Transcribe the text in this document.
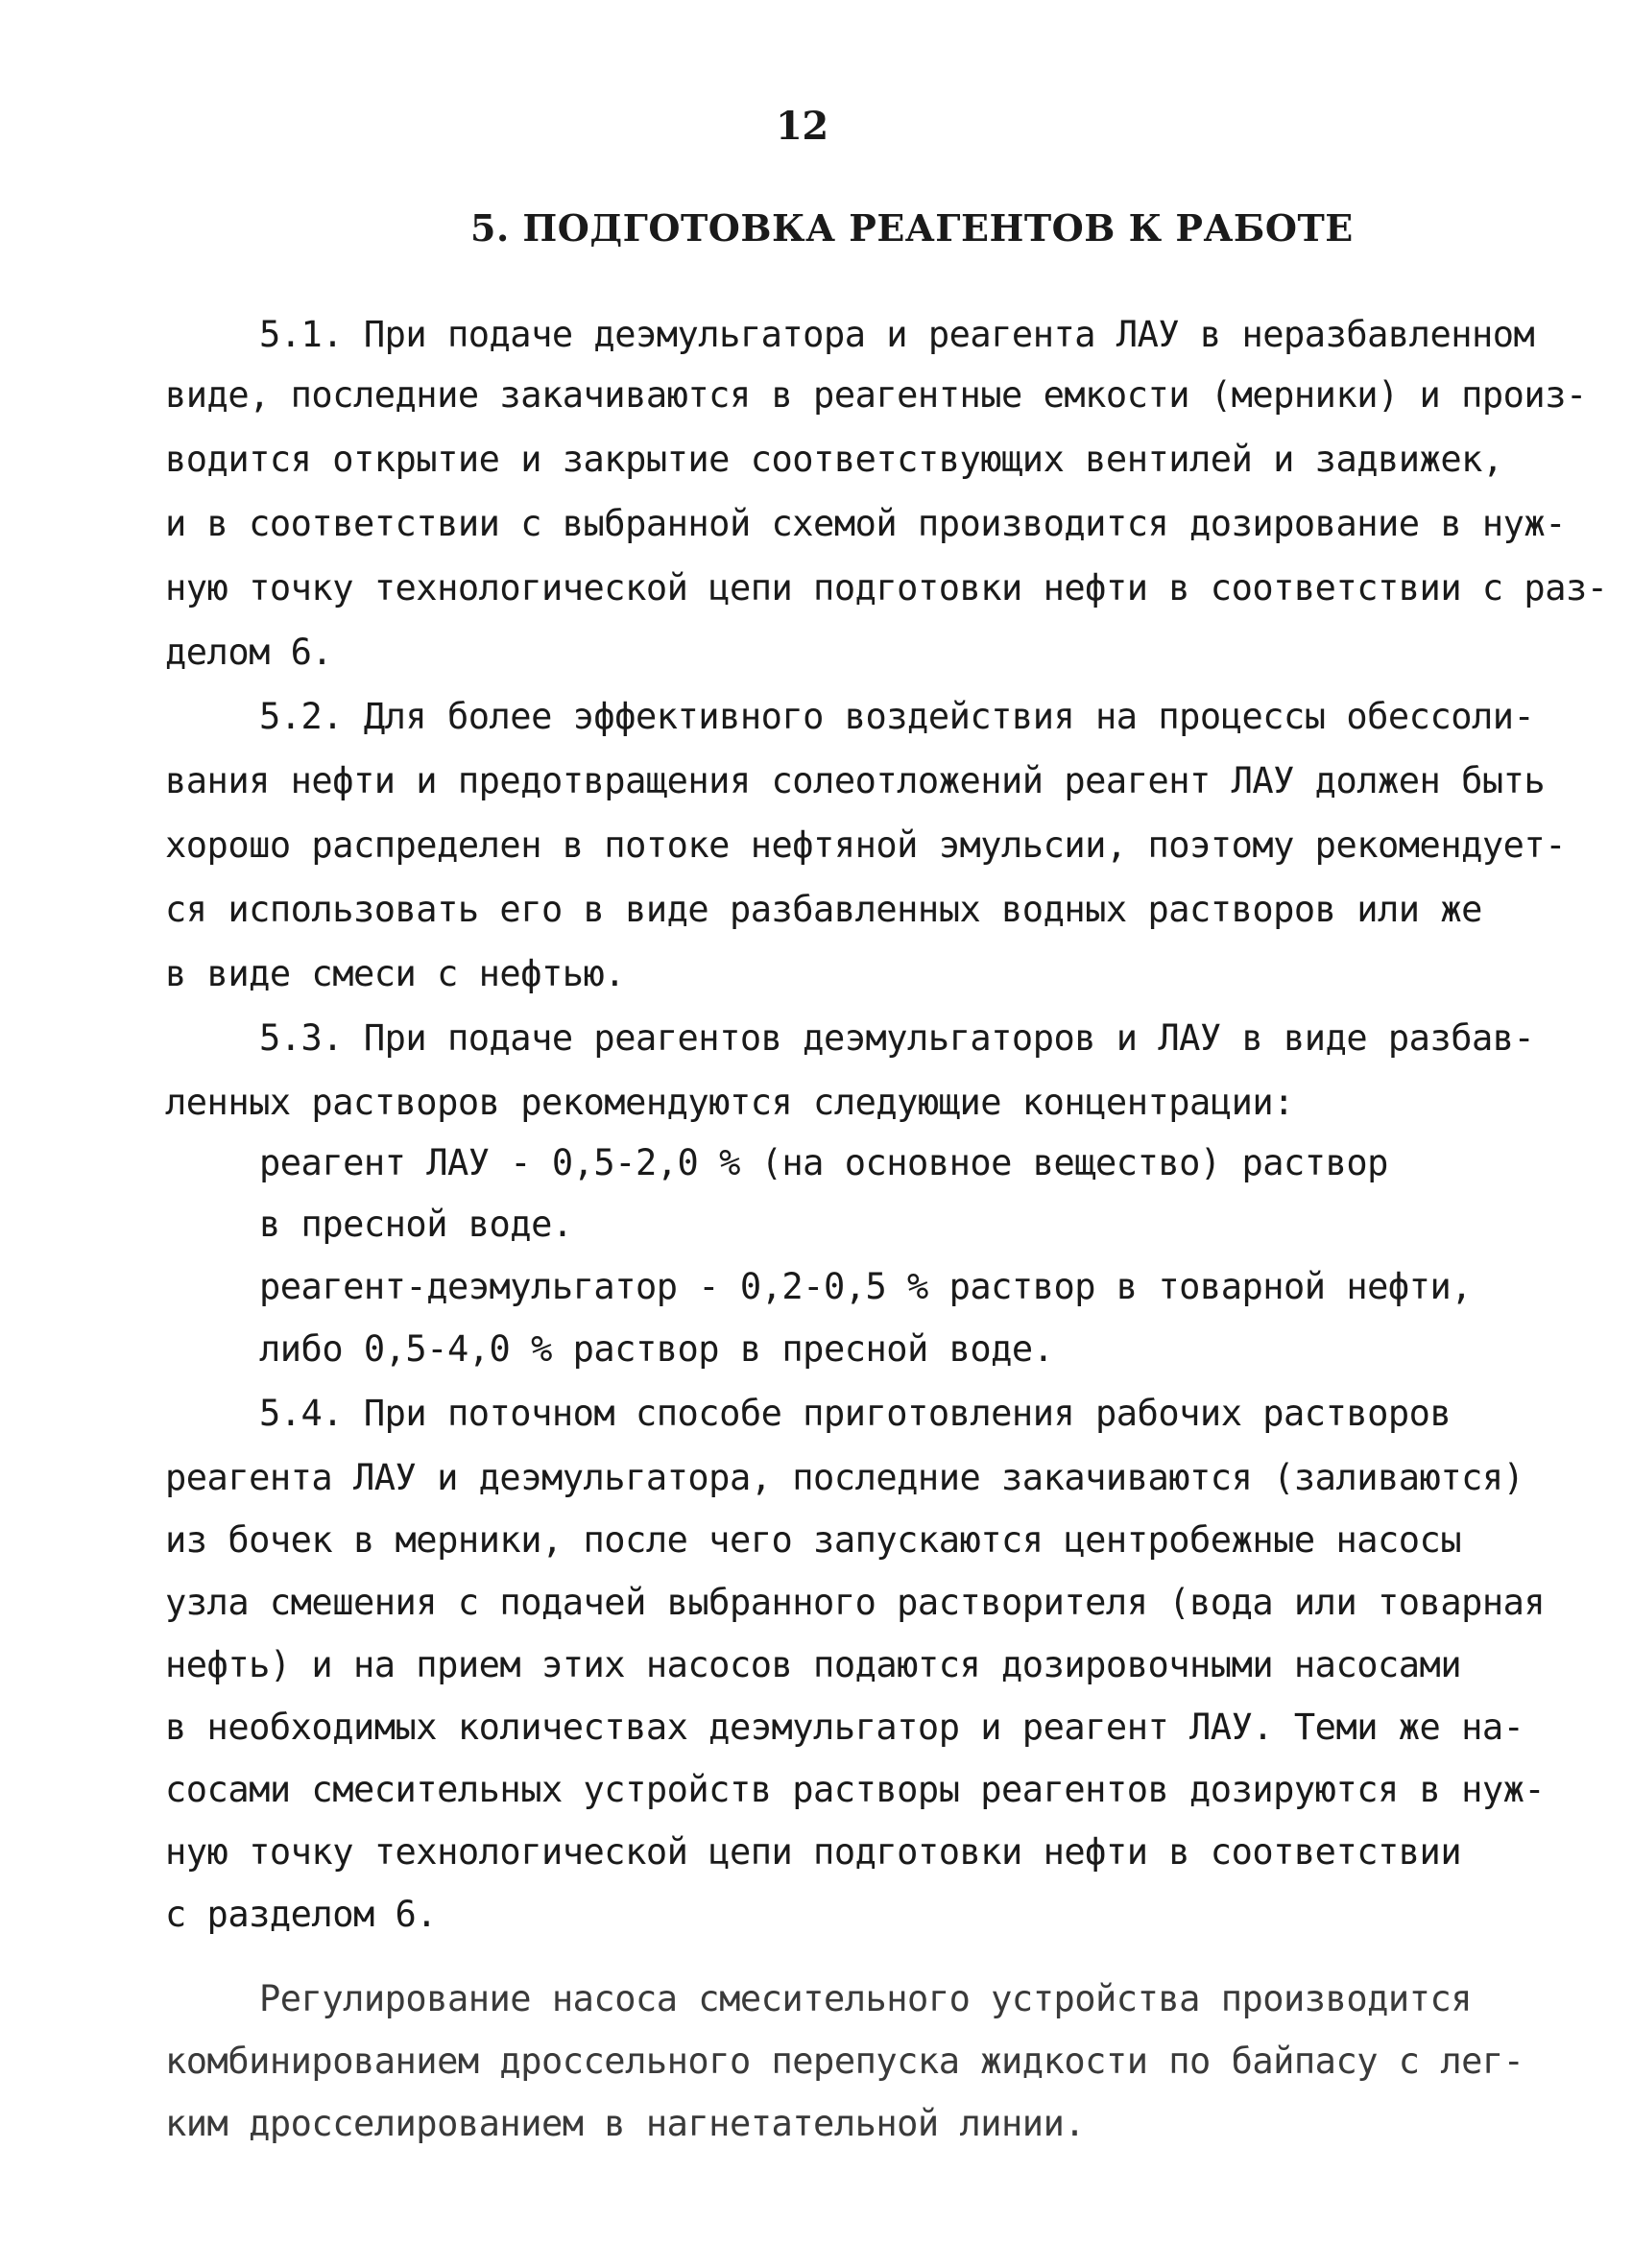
12
5. ПОДГОТОВКА РЕАГЕНТОВ К РАБОТЕ
5.1. При подаче деэмульгатора и реагента ЛАУ в неразбавленном
виде, последние закачиваются в реагентные емкости (мерники) и произ-
водится открытие и закрытие соответствующих вентилей и задвижек,
и в соответствии с выбранной схемой производится дозирование в нуж-
ную точку технологической цепи подготовки нефти в соответствии с раз-
делом 6.
5.2. Для более эффективного воздействия на процессы обессоли-
вания нефти и предотвращения солеотложений реагент ЛАУ должен быть
хорошо распределен в потоке нефтяной эмульсии, поэтому рекомендует-
ся использовать его в виде разбавленных водных растворов или же
в виде смеси с нефтью.
5.3. При подаче реагентов деэмульгаторов и ЛАУ в виде разбав-
ленных растворов рекомендуются следующие концентрации:
реагент ЛАУ - 0,5-2,0 % (на основное вещество) раствор
в пресной воде.
реагент-деэмульгатор - 0,2-0,5 % раствор в товарной нефти,
либо 0,5-4,0 % раствор в пресной воде.
5.4. При поточном способе приготовления рабочих растворов
реагента ЛАУ и деэмульгатора, последние закачиваются (заливаются)
из бочек в мерники, после чего запускаются центробежные насосы
узла смешения с подачей выбранного растворителя (вода или товарная
нефть) и на прием этих насосов подаются дозировочными насосами
в необходимых количествах деэмульгатор и реагент ЛАУ. Теми же на-
сосами смесительных устройств растворы реагентов дозируются в нуж-
ную точку технологической цепи подготовки нефти в соответствии
с разделом 6.
Регулирование насоса смесительного устройства производится
комбинированием дроссельного перепуска жидкости по байпасу с лег-
ким дросселированием в нагнетательной линии.
